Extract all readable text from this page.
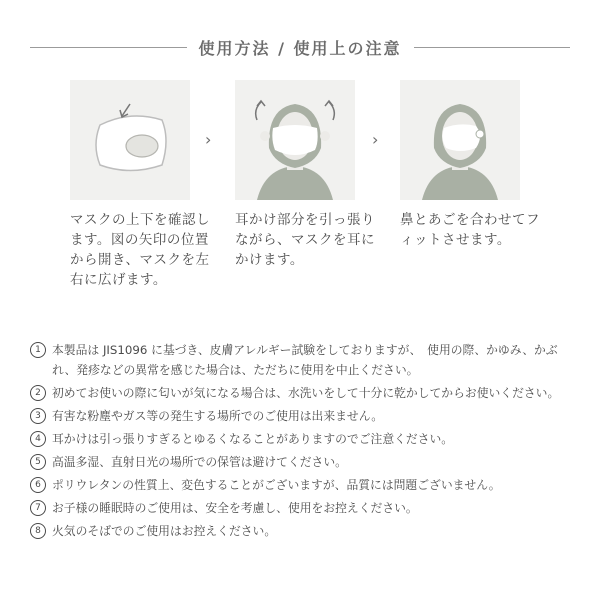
使用方法 / 使用上の注意
›	›
マスクの上下を確認します。図の矢印の位置から開き、マスクを左右に広げます。
耳かけ部分を引っ張りながら、マスクを耳にかけます。
鼻とあごを合わせてフィットさせます。
1 本製品は JIS1096 に基づき、皮膚アレルギー試験をしておりますが、　使用の際、かゆみ、かぶれ、発疹などの異常を感じた場合は、ただちに使用を中止ください。
2 初めてお使いの際に匂いが気になる場合は、水洗いをして十分に乾かしてからお使いください。
3 有害な粉塵やガス等の発生する場所でのご使用は出来ません。
4 耳かけは引っ張りすぎるとゆるくなることがありますのでご注意ください。
5 高温多湿、直射日光の場所での保管は避けてください。
6 ポリウレタンの性質上、変色することがございますが、品質には問題ございません。
7 お子様の睡眠時のご使用は、安全を考慮し、使用をお控えください。
8 火気のそばでのご使用はお控えください。
